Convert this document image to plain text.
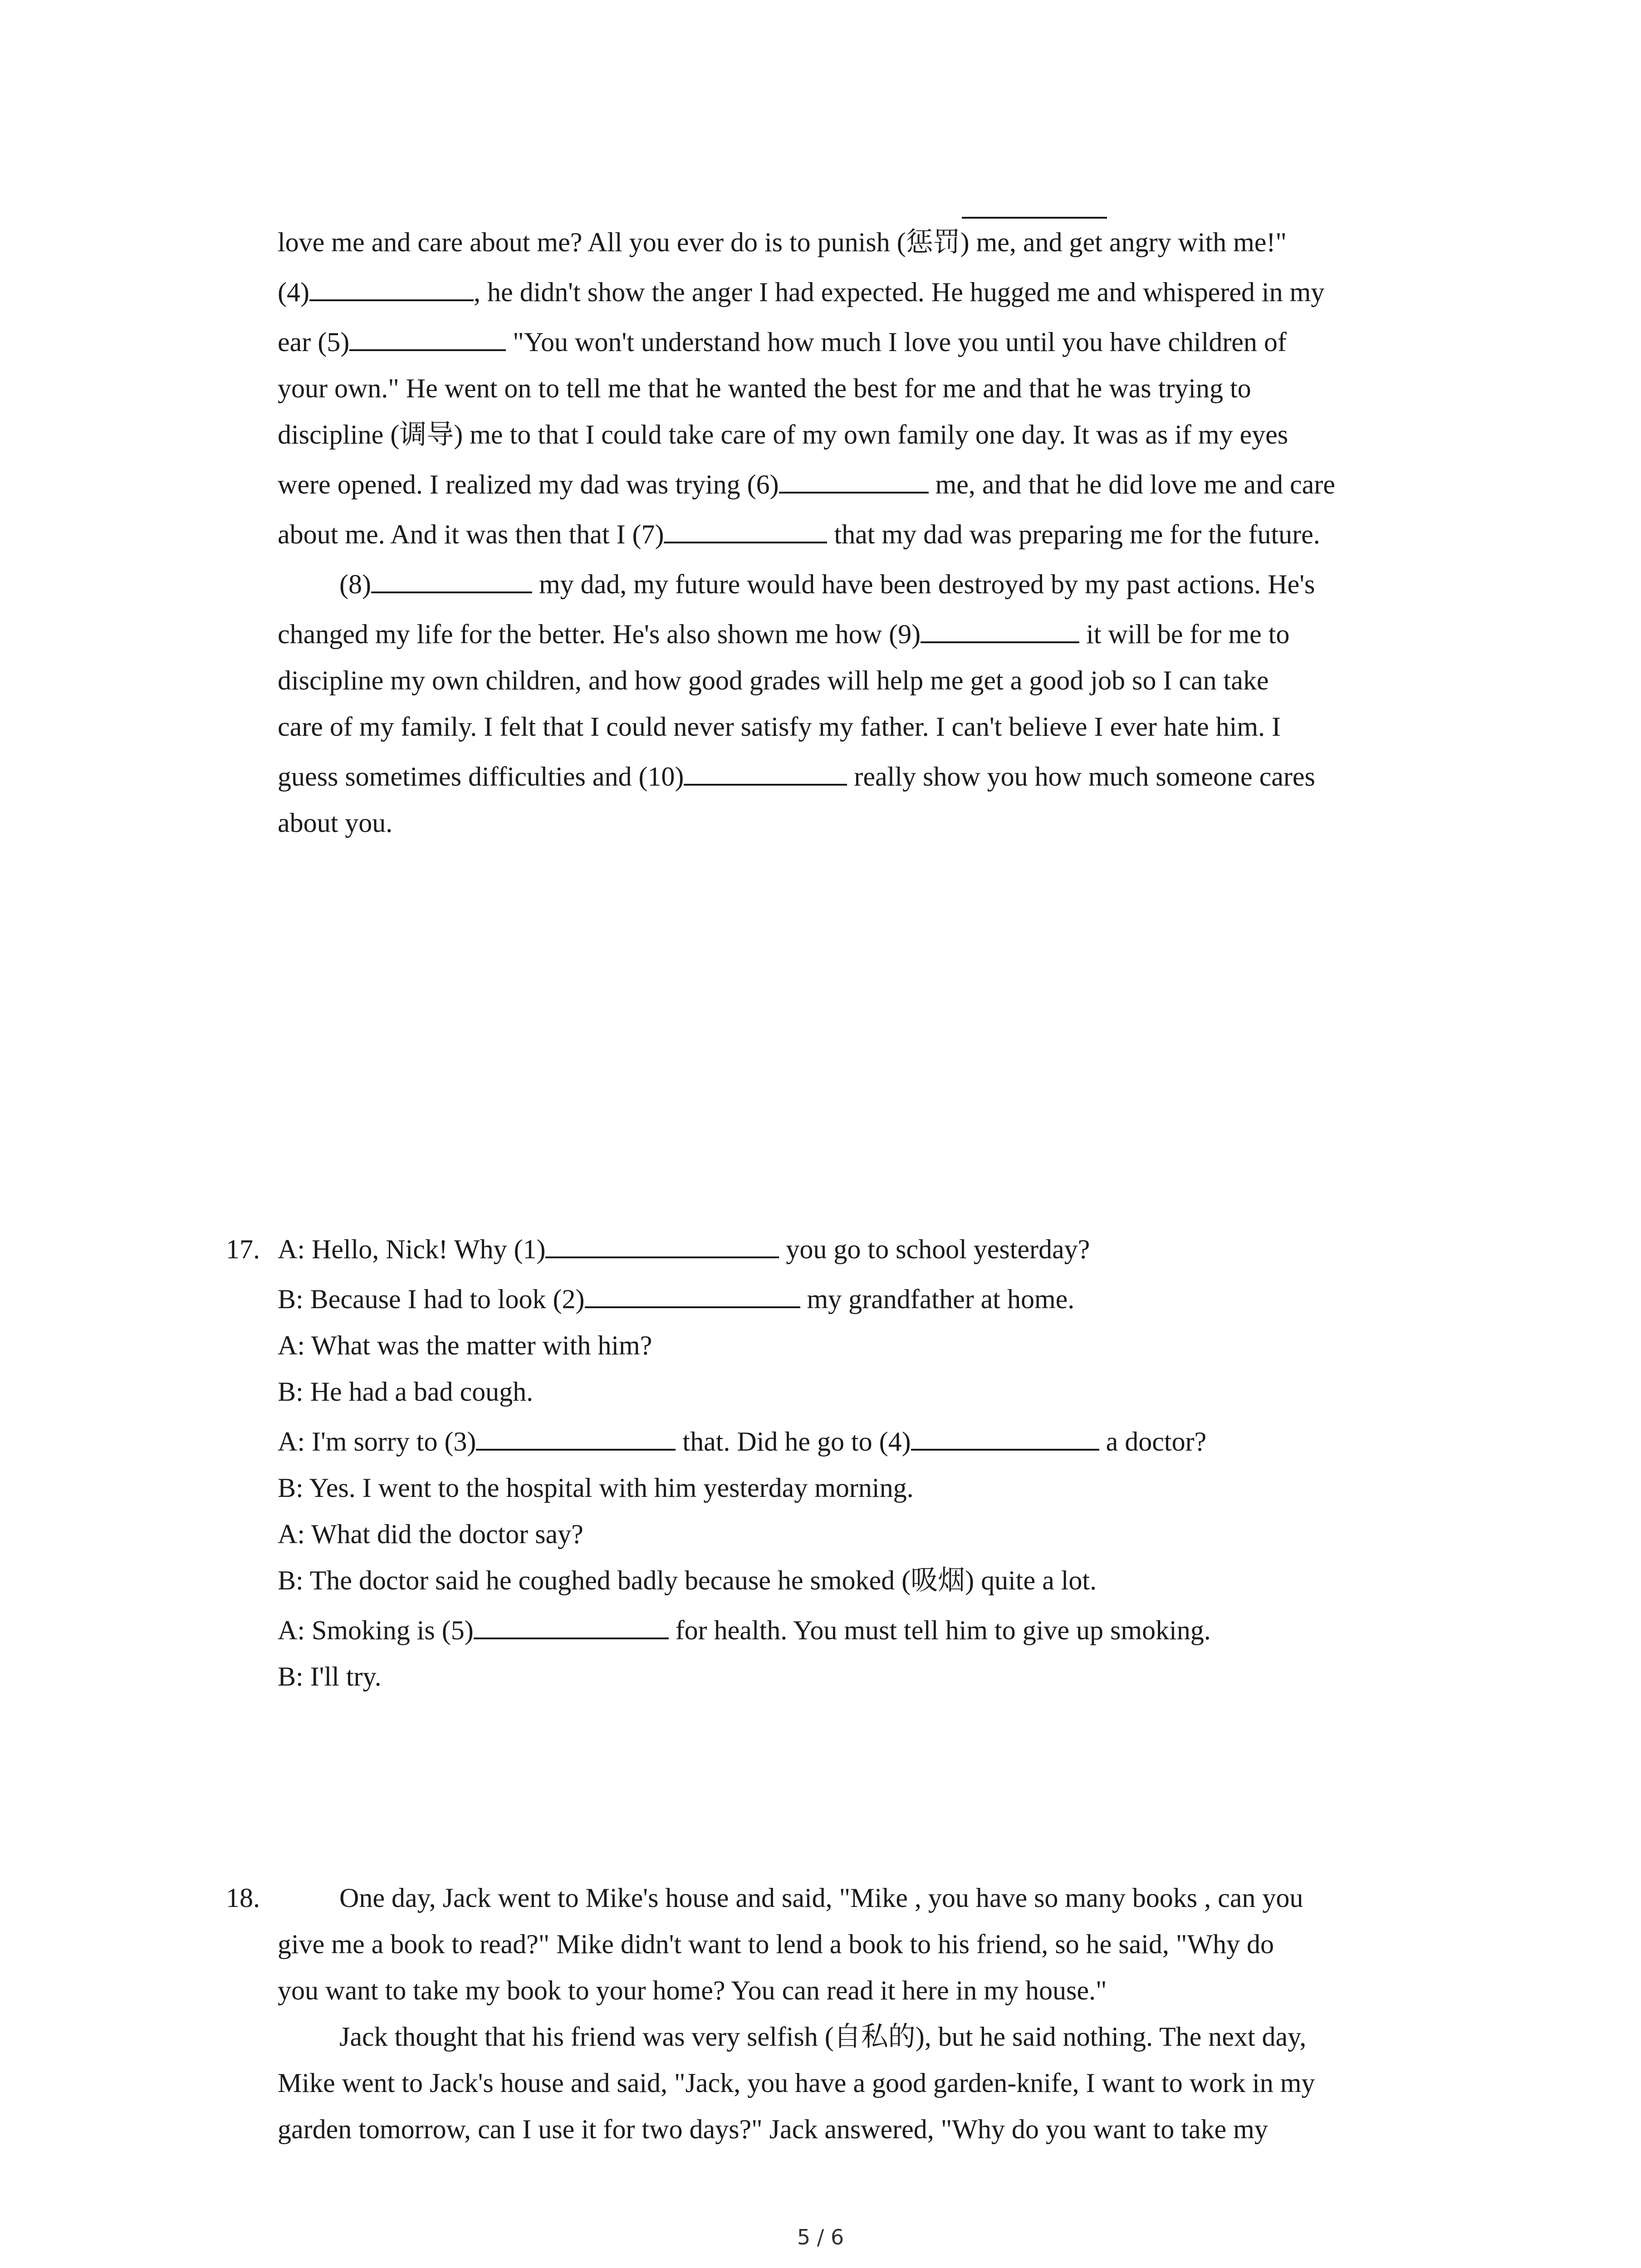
love me and care about me? All you ever do is to punish (惩罚) me, and get angry with me!"
(4)	, he didn't show the anger I had expected. He hugged me and whispered in my
ear (5)	"You won't understand how much I love you until you have children of
your own." He went on to tell me that he wanted the best for me and that he was trying to
discipline (调导) me to that I could take care of my own family one day. It was as if my eyes
were opened. I realized my dad was trying (6)	me, and that he did love me and care
about me. And it was then that I (7)	that my dad was preparing me for the future.
(8)	my dad, my future would have been destroyed by my past actions. He's
changed my life for the better. He's also shown me how (9)	it will be for me to
discipline my own children, and how good grades will help me get a good job so I can take
care of my family. I felt that I could never satisfy my father. I can't believe I ever hate him. I
guess sometimes difficulties and (10)	really show you how much someone cares
about you.
17. A: Hello, Nick! Why (1)	you go to school yesterday?
B: Because I had to look (2)	my grandfather at home.
A: What was the matter with him?
B: He had a bad cough.
A: I'm sorry to (3)	that. Did he go to (4)	a doctor?
B: Yes. I went to the hospital with him yesterday morning.
A: What did the doctor say?
B: The doctor said he coughed badly because he smoked (吸烟) quite a lot.
A: Smoking is (5)	for health. You must tell him to give up smoking.
B: I'll try.
18.	One day, Jack went to Mike's house and said, "Mike , you have so many books , can you
give me a book to read?" Mike didn't want to lend a book to his friend, so he said, "Why do
you want to take my book to your home? You can read it here in my house."
Jack thought that his friend was very selfish (自私的), but he said nothing. The next day,
Mike went to Jack's house and said, "Jack, you have a good garden-knife, I want to work in my
garden tomorrow, can I use it for two days?" Jack answered, "Why do you want to take my
5 / 6
